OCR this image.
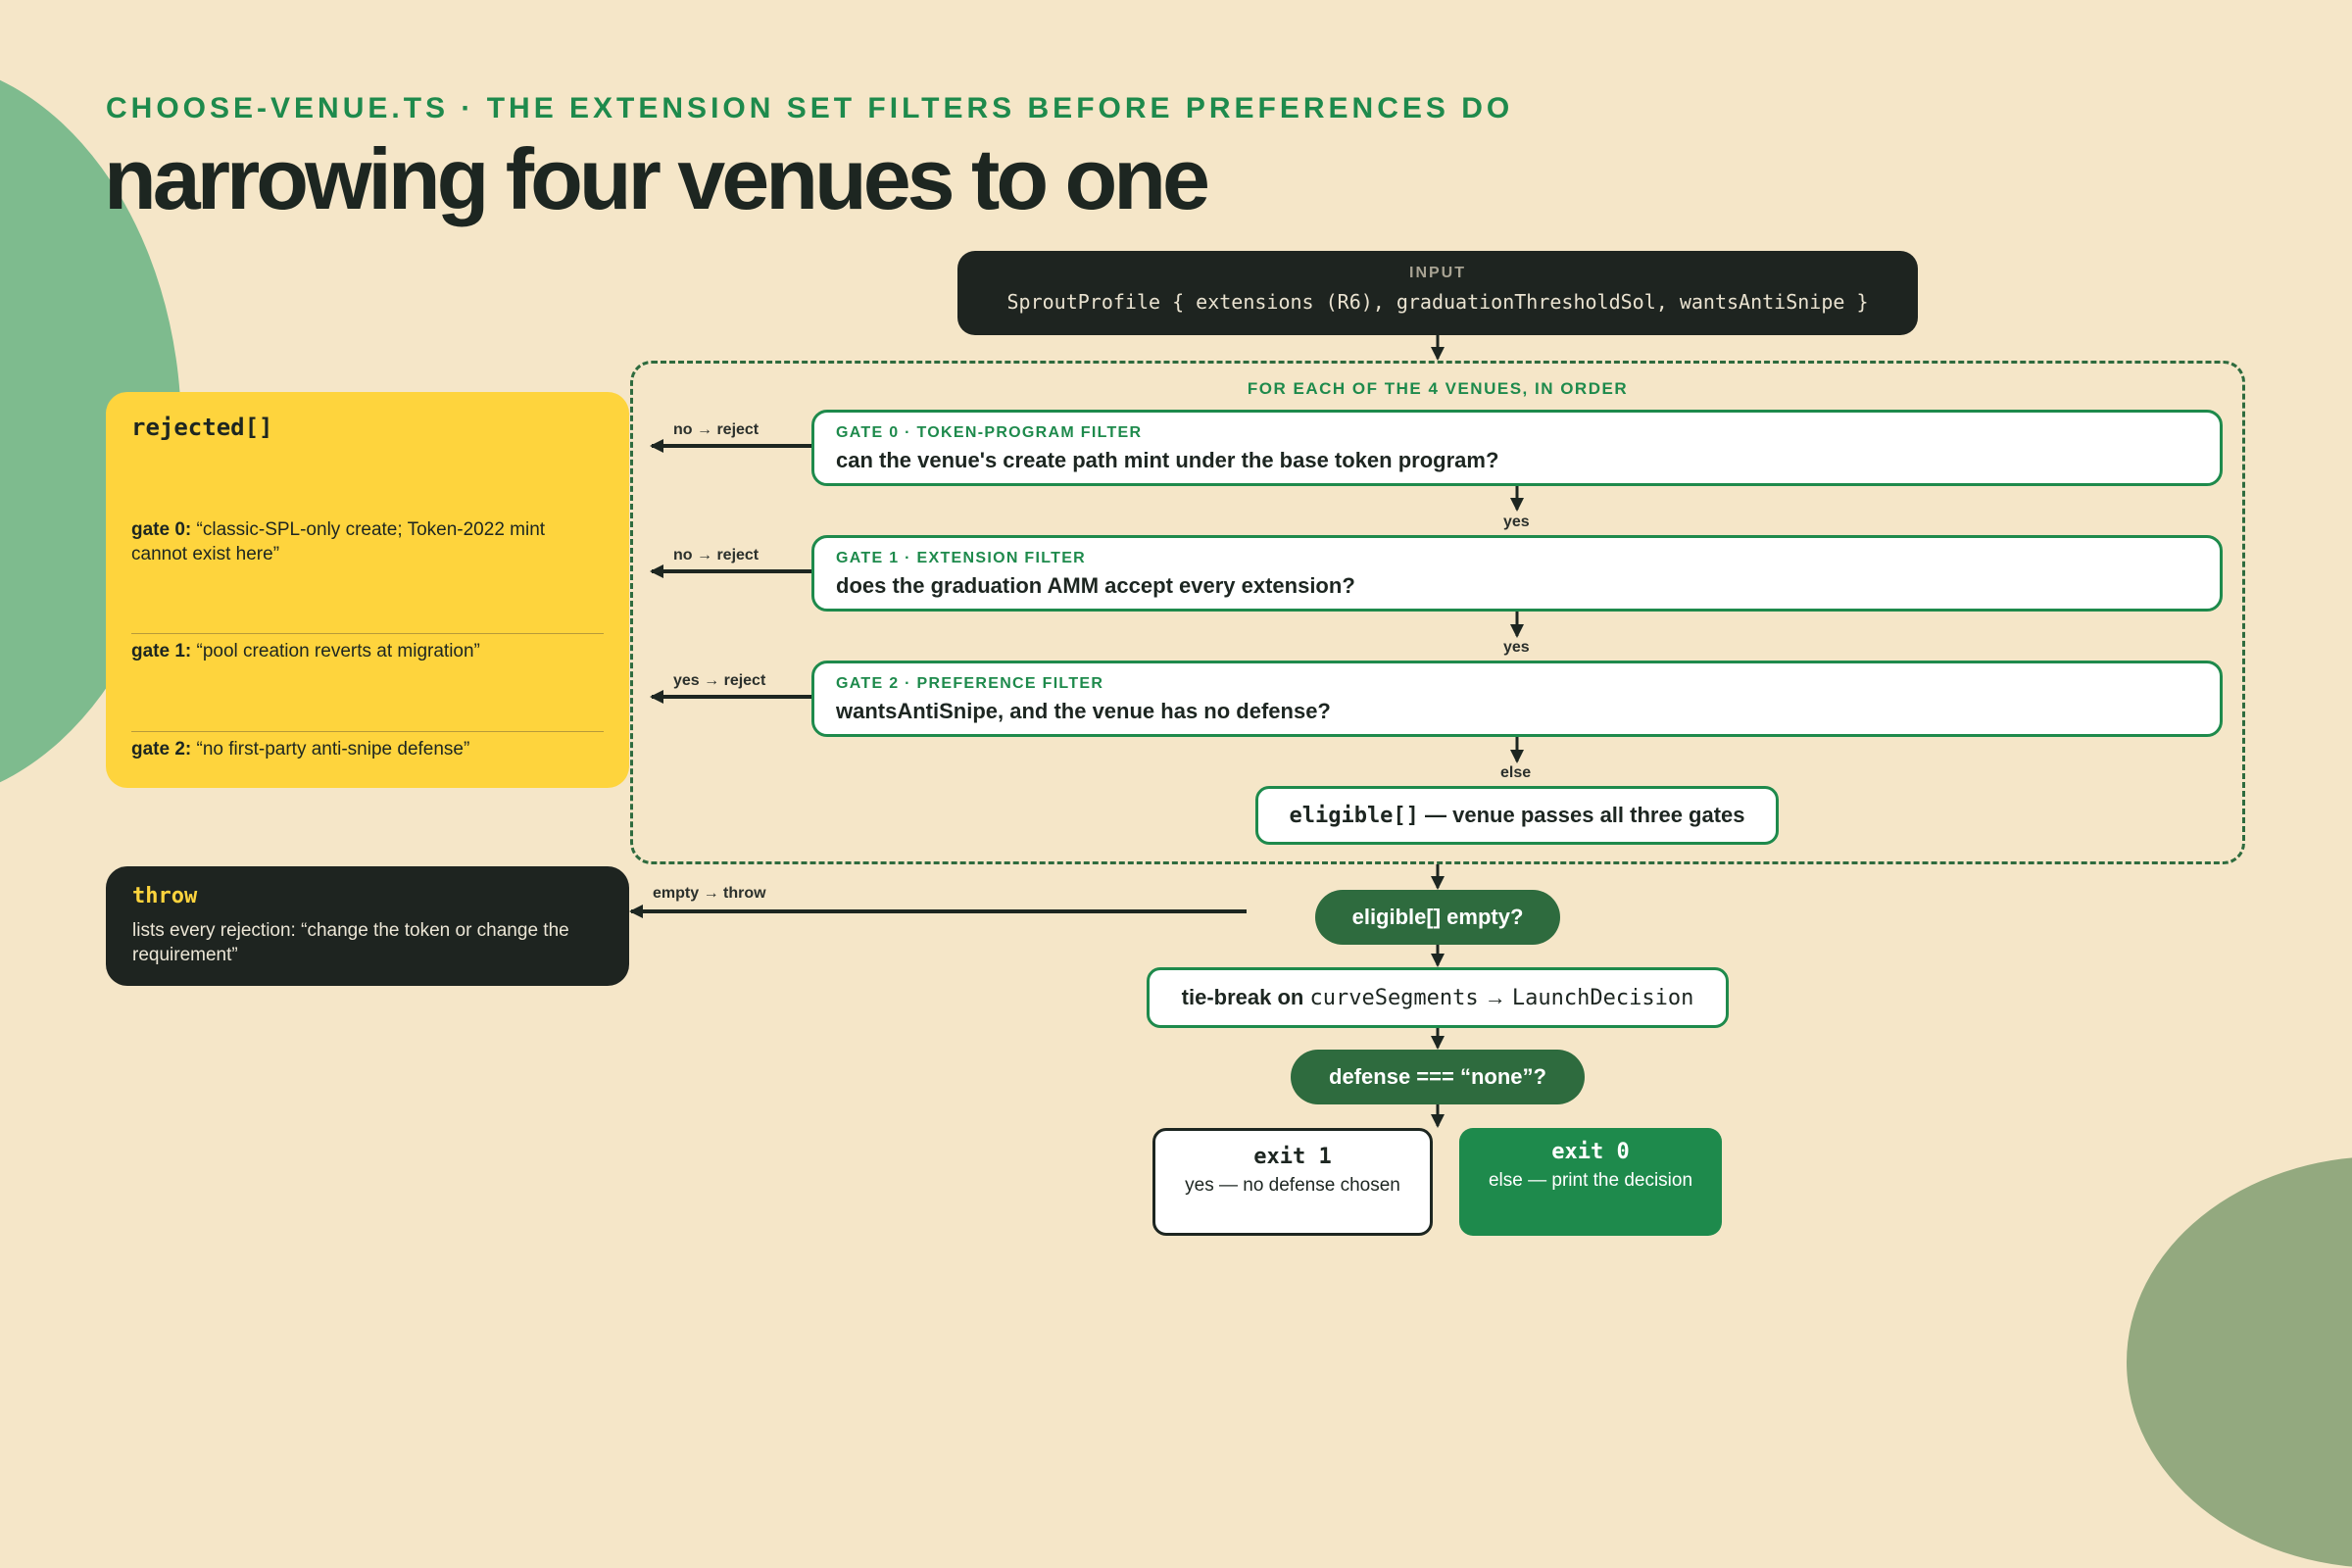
CHOOSE-VENUE.TS · THE EXTENSION SET FILTERS BEFORE PREFERENCES DO
narrowing four venues to one
INPUT
SproutProfile { extensions (R6), graduationThresholdSol, wantsAntiSnipe }
FOR EACH OF THE 4 VENUES, IN ORDER
GATE 0 · TOKEN-PROGRAM FILTER
can the venue's create path mint under the base token program?
GATE 1 · EXTENSION FILTER
does the graduation AMM accept every extension?
GATE 2 · PREFERENCE FILTER
wantsAntiSnipe, and the venue has no defense?
no → reject
no → reject
yes → reject
yes
yes
else
eligible[] — venue passes all three gates
rejected[]
gate 0: “classic-SPL-only create; Token-2022 mint cannot exist here”
gate 1: “pool creation reverts at migration”
gate 2: “no first-party anti-snipe defense”
throw
lists every rejection: “change the token or change the requirement”
empty → throw
eligible[] empty?
tie-break on curveSegments → LaunchDecision
defense === “none”?
exit 1
yes — no defense chosen
exit 0
else — print the decision
